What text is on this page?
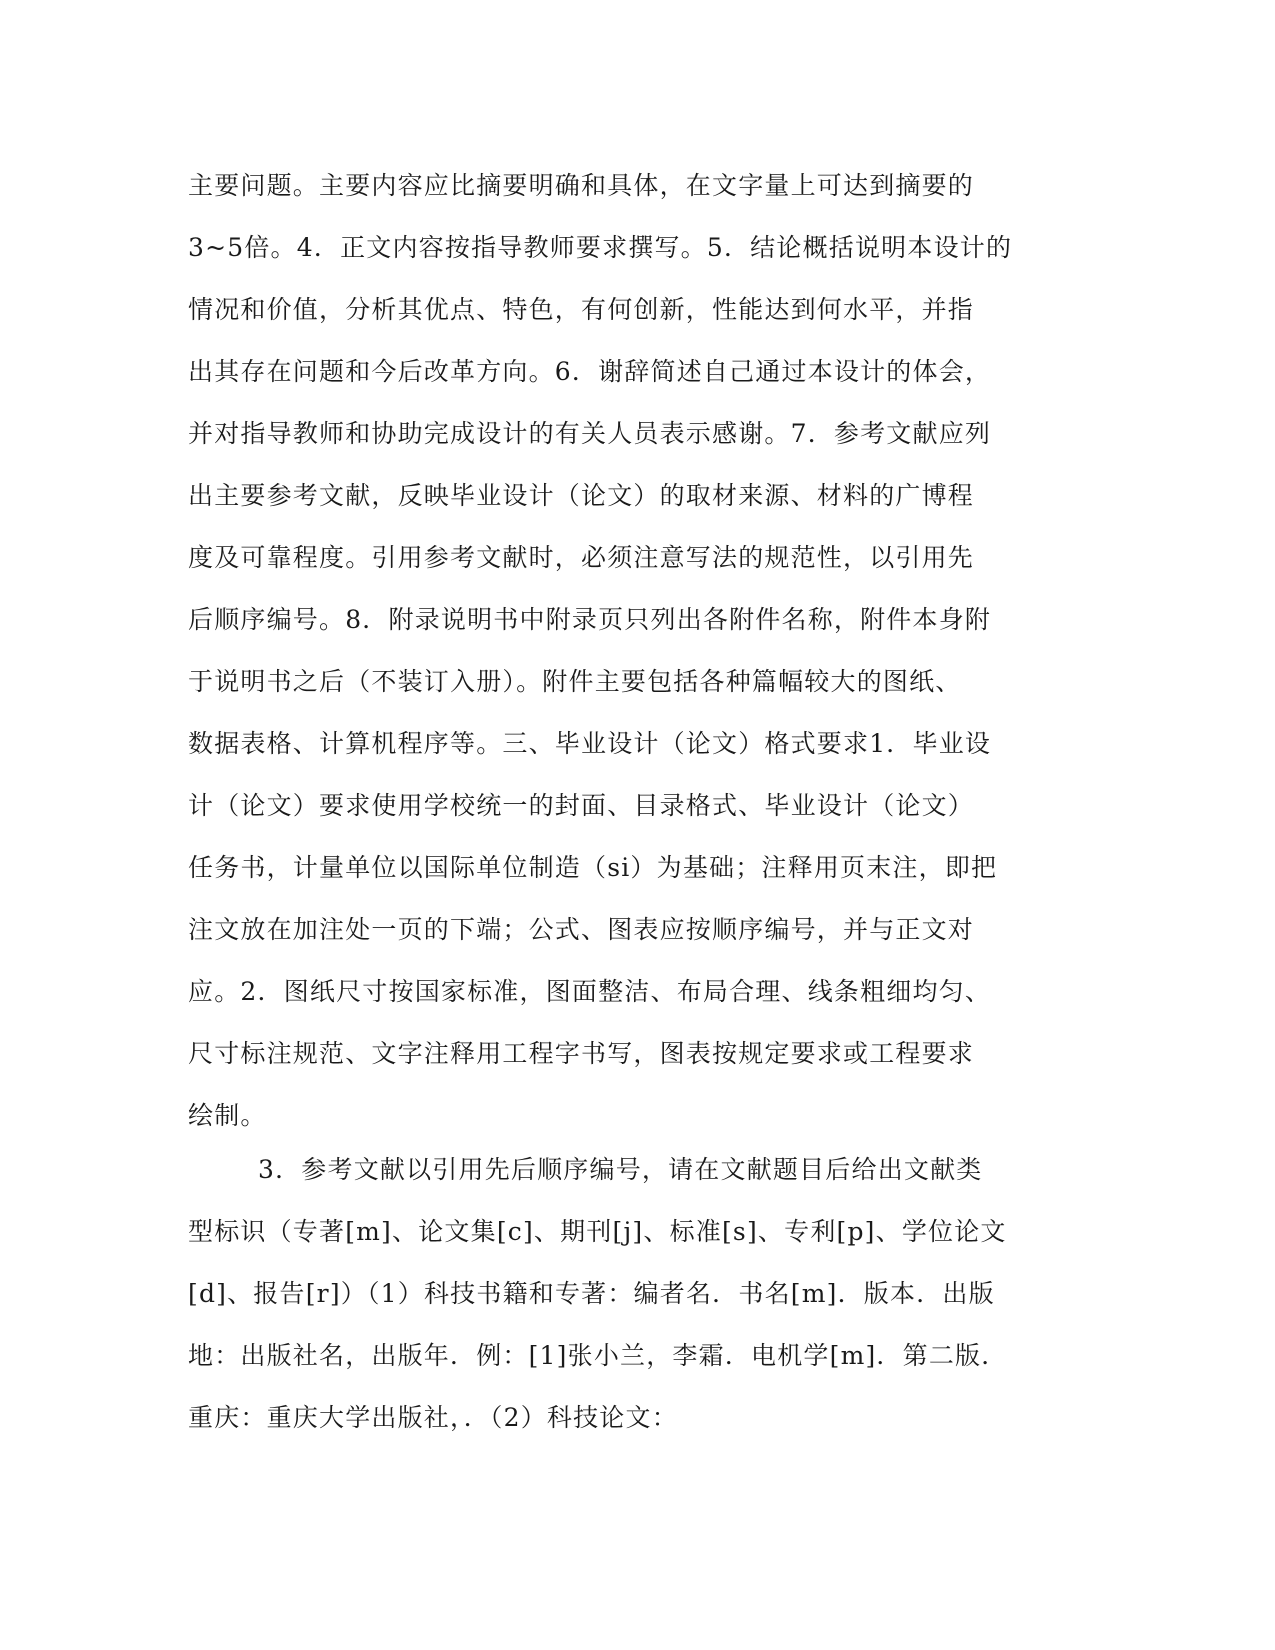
主要问题。主要内容应比摘要明确和具体，在文字量上可达到摘要的
3~5倍。4．正文内容按指导教师要求撰写。5．结论概括说明本设计的
情况和价值，分析其优点、特色，有何创新，性能达到何水平，并指
出其存在问题和今后改革方向。6．谢辞简述自己通过本设计的体会，
并对指导教师和协助完成设计的有关人员表示感谢。7．参考文献应列
出主要参考文献，反映毕业设计（论文）的取材来源、材料的广博程
度及可靠程度。引用参考文献时，必须注意写法的规范性，以引用先
后顺序编号。8．附录说明书中附录页只列出各附件名称，附件本身附
于说明书之后（不装订入册）。附件主要包括各种篇幅较大的图纸、
数据表格、计算机程序等。三、毕业设计（论文）格式要求1．毕业设
计（论文）要求使用学校统一的封面、目录格式、毕业设计（论文）
任务书，计量单位以国际单位制造（si）为基础；注释用页末注，即把
注文放在加注处一页的下端；公式、图表应按顺序编号，并与正文对
应。2．图纸尺寸按国家标准，图面整洁、布局合理、线条粗细均匀、
尺寸标注规范、文字注释用工程字书写，图表按规定要求或工程要求
绘制。
3．参考文献以引用先后顺序编号，请在文献题目后给出文献类
型标识（专著[m]、论文集[c]、期刊[j]、标准[s]、专利[p]、学位论文
[d]、报告[r]）（1）科技书籍和专著：编者名．书名[m]．版本．出版
地：出版社名，出版年．例：[1]张小兰，李霜．电机学[m]．第二版．
重庆：重庆大学出版社，．（2）科技论文：
